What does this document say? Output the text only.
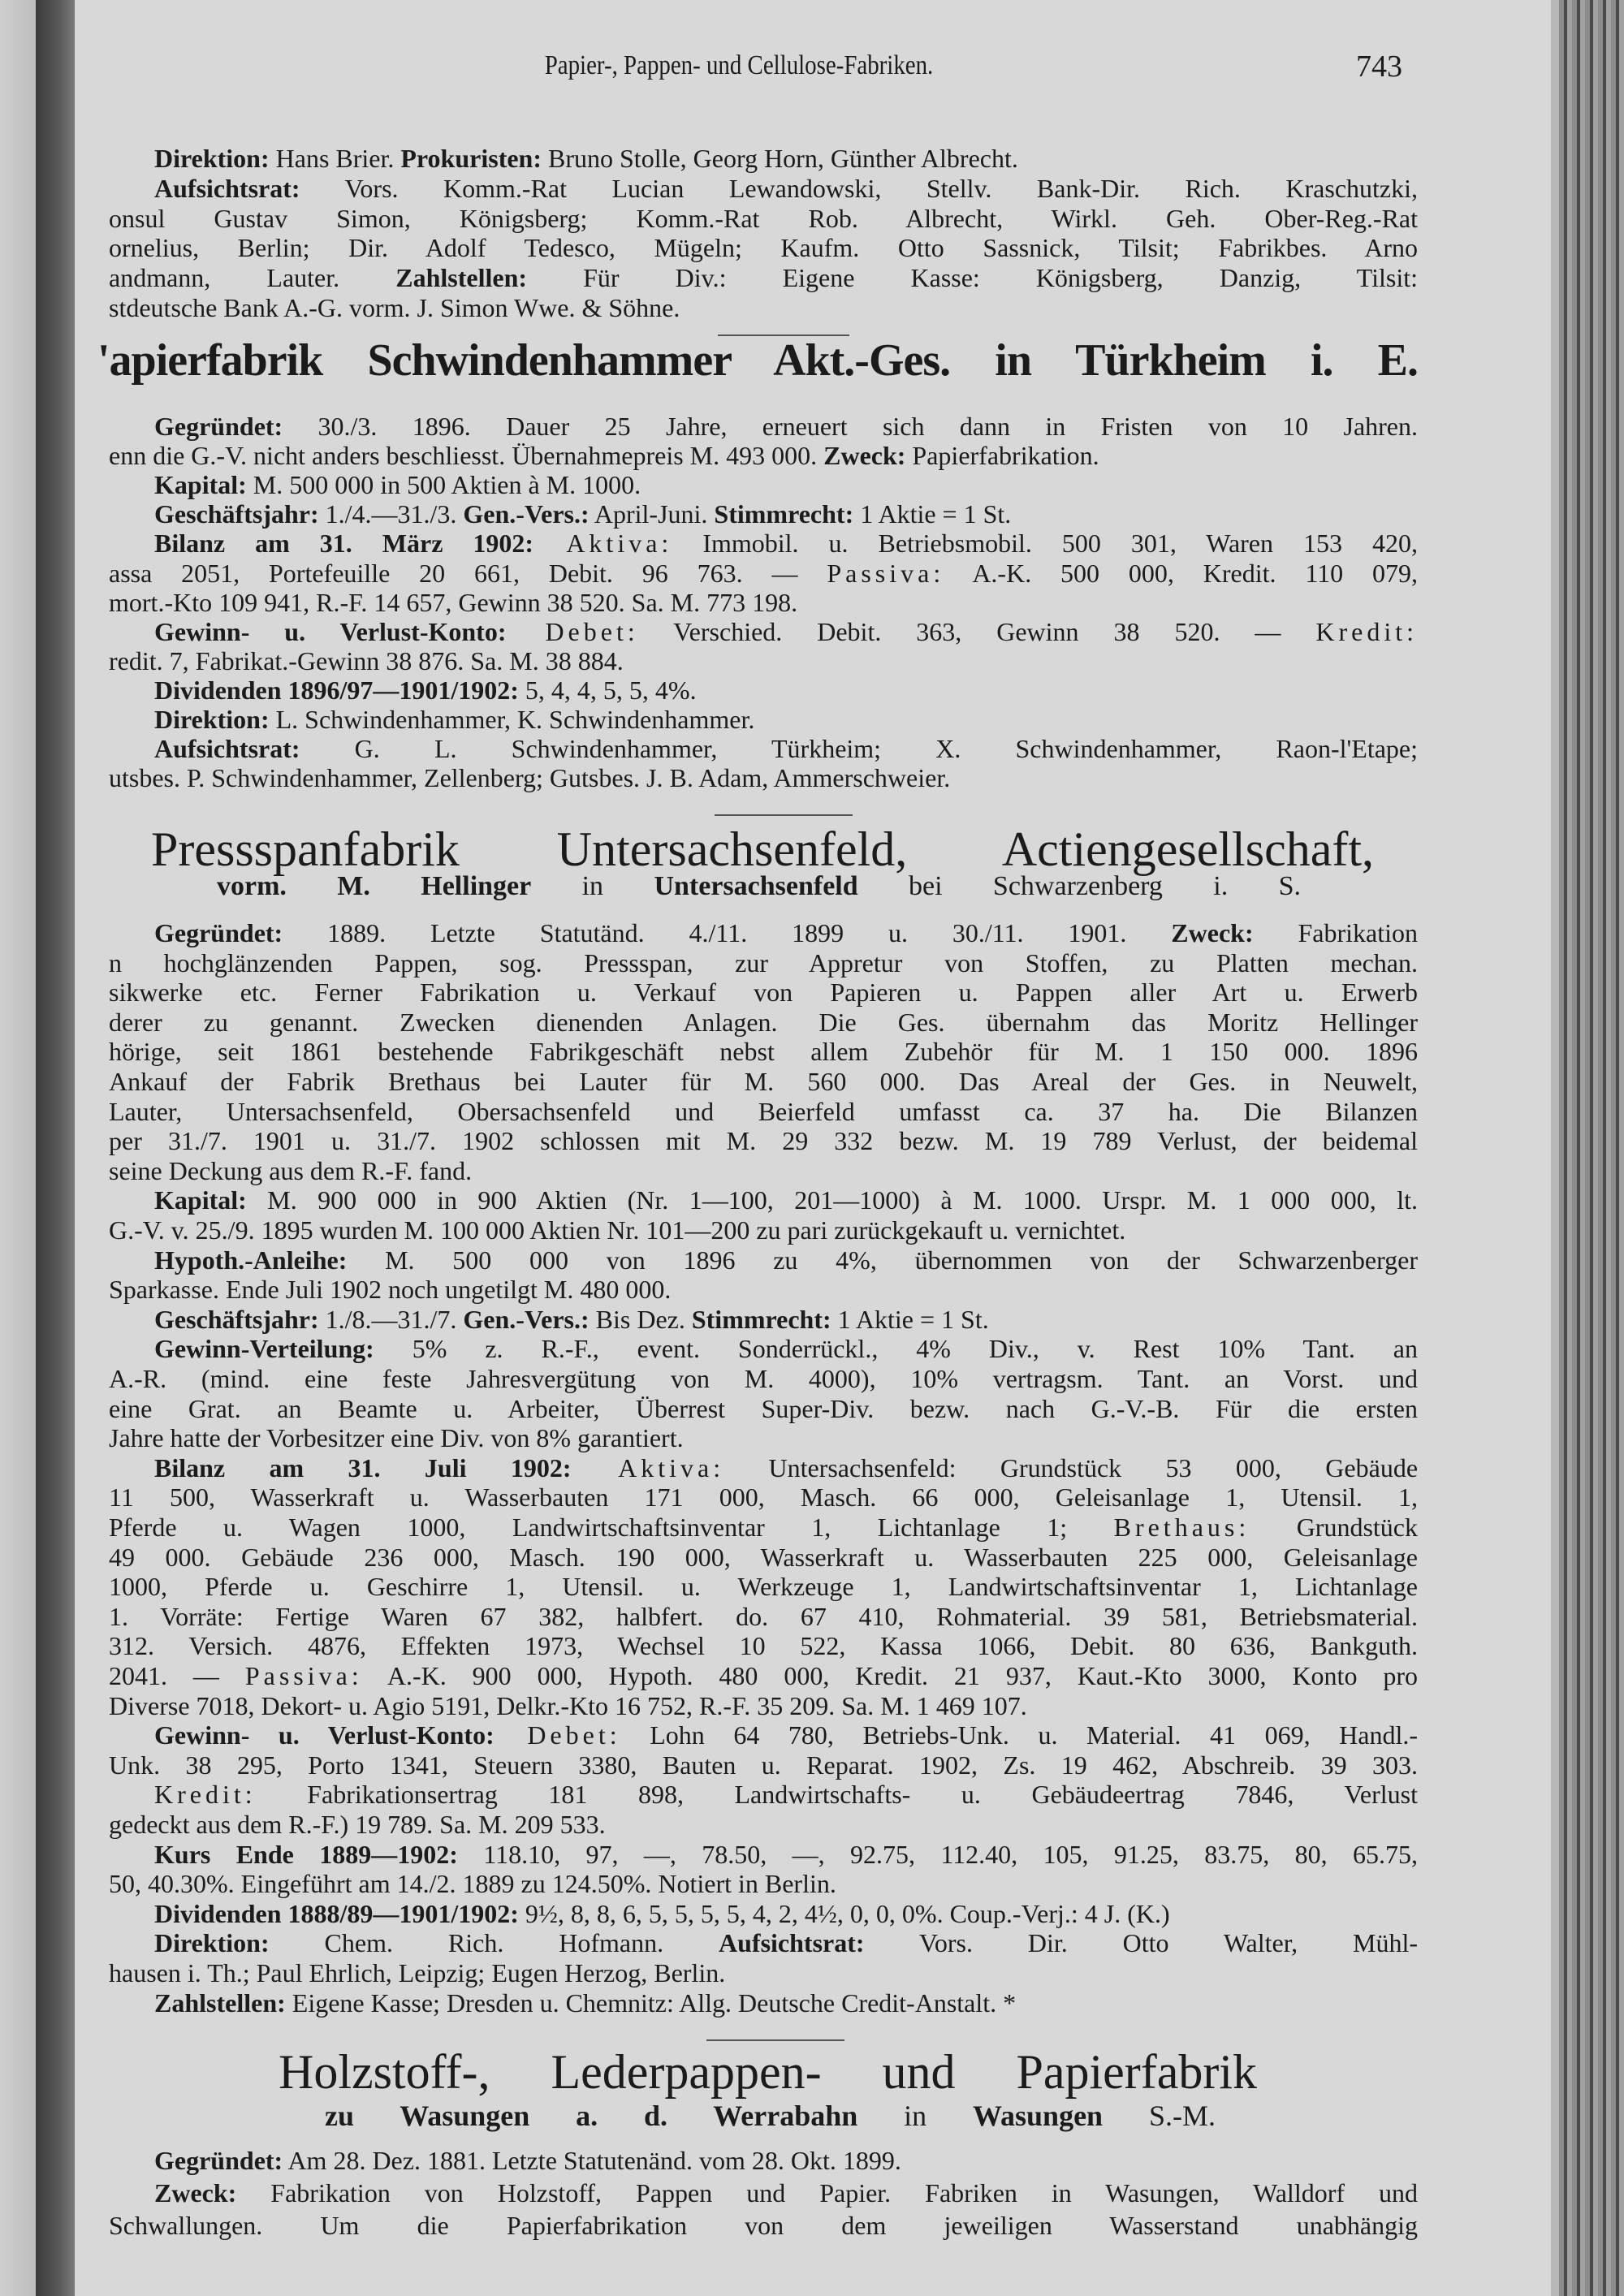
Papier-, Pappen- und Cellulose-Fabriken.	743
'apierfabrik Schwindenhammer Akt.-Ges. in Türkheim i. E.
Pressspanfabrik Untersachsenfeld, Actiengesellschaft,
vorm. M. Hellinger in Untersachsenfeld bei Schwarzenberg i. S.
Holzstoff-, Lederpappen- und Papierfabrik
zu Wasungen a. d. Werrabahn in Wasungen S.-M.
Direktion: Hans Brier. Prokuristen: Bruno Stolle, Georg Horn, Günther Albrecht.
Aufsichtsrat: Vors. Komm.-Rat Lucian Lewandowski, Stellv. Bank-Dir. Rich. Kraschutzki,
onsul Gustav Simon, Königsberg; Komm.-Rat Rob. Albrecht, Wirkl. Geh. Ober-Reg.-Rat
ornelius, Berlin; Dir. Adolf Tedesco, Mügeln; Kaufm. Otto Sassnick, Tilsit; Fabrikbes. Arno
andmann, Lauter. Zahlstellen: Für Div.: Eigene Kasse: Königsberg, Danzig, Tilsit:
stdeutsche Bank A.-G. vorm. J. Simon Wwe. & Söhne.
Gegründet: 30./3. 1896. Dauer 25 Jahre, erneuert sich dann in Fristen von 10 Jahren.
enn die G.-V. nicht anders beschliesst. Übernahmepreis M. 493 000. Zweck: Papierfabrikation.
Kapital: M. 500 000 in 500 Aktien à M. 1000.
Geschäftsjahr: 1./4.—31./3. Gen.-Vers.: April-Juni. Stimmrecht: 1 Aktie = 1 St.
Bilanz am 31. März 1902: Aktiva: Immobil. u. Betriebsmobil. 500 301, Waren 153 420,
assa 2051, Portefeuille 20 661, Debit. 96 763. — Passiva: A.-K. 500 000, Kredit. 110 079,
mort.-Kto 109 941, R.-F. 14 657, Gewinn 38 520. Sa. M. 773 198.
Gewinn- u. Verlust-Konto: Debet: Verschied. Debit. 363, Gewinn 38 520. — Kredit:
redit. 7, Fabrikat.-Gewinn 38 876. Sa. M. 38 884.
Dividenden 1896/97—1901/1902: 5, 4, 4, 5, 5, 4%.
Direktion: L. Schwindenhammer, K. Schwindenhammer.
Aufsichtsrat: G. L. Schwindenhammer, Türkheim; X. Schwindenhammer, Raon-l'Etape;
utsbes. P. Schwindenhammer, Zellenberg; Gutsbes. J. B. Adam, Ammerschweier.
Gegründet: 1889. Letzte Statutänd. 4./11. 1899 u. 30./11. 1901. Zweck: Fabrikation
n hochglänzenden Pappen, sog. Pressspan, zur Appretur von Stoffen, zu Platten mechan.
sikwerke etc. Ferner Fabrikation u. Verkauf von Papieren u. Pappen aller Art u. Erwerb
derer zu genannt. Zwecken dienenden Anlagen. Die Ges. übernahm das Moritz Hellinger
hörige, seit 1861 bestehende Fabrikgeschäft nebst allem Zubehör für M. 1 150 000. 1896
Ankauf der Fabrik Brethaus bei Lauter für M. 560 000. Das Areal der Ges. in Neuwelt,
Lauter, Untersachsenfeld, Obersachsenfeld und Beierfeld umfasst ca. 37 ha. Die Bilanzen
per 31./7. 1901 u. 31./7. 1902 schlossen mit M. 29 332 bezw. M. 19 789 Verlust, der beidemal
seine Deckung aus dem R.-F. fand.
Kapital: M. 900 000 in 900 Aktien (Nr. 1—100, 201—1000) à M. 1000. Urspr. M. 1 000 000, lt.
G.-V. v. 25./9. 1895 wurden M. 100 000 Aktien Nr. 101—200 zu pari zurückgekauft u. vernichtet.
Hypoth.-Anleihe: M. 500 000 von 1896 zu 4%, übernommen von der Schwarzenberger
Sparkasse. Ende Juli 1902 noch ungetilgt M. 480 000.
Geschäftsjahr: 1./8.—31./7. Gen.-Vers.: Bis Dez. Stimmrecht: 1 Aktie = 1 St.
Gewinn-Verteilung: 5% z. R.-F., event. Sonderrückl., 4% Div., v. Rest 10% Tant. an
A.-R. (mind. eine feste Jahresvergütung von M. 4000), 10% vertragsm. Tant. an Vorst. und
eine Grat. an Beamte u. Arbeiter, Überrest Super-Div. bezw. nach G.-V.-B. Für die ersten
Jahre hatte der Vorbesitzer eine Div. von 8% garantiert.
Bilanz am 31. Juli 1902: Aktiva: Untersachsenfeld: Grundstück 53 000, Gebäude
11 500, Wasserkraft u. Wasserbauten 171 000, Masch. 66 000, Geleisanlage 1, Utensil. 1,
Pferde u. Wagen 1000, Landwirtschaftsinventar 1, Lichtanlage 1; Brethaus: Grundstück
49 000. Gebäude 236 000, Masch. 190 000, Wasserkraft u. Wasserbauten 225 000, Geleisanlage
1000, Pferde u. Geschirre 1, Utensil. u. Werkzeuge 1, Landwirtschaftsinventar 1, Lichtanlage
1. Vorräte: Fertige Waren 67 382, halbfert. do. 67 410, Rohmaterial. 39 581, Betriebsmaterial.
312. Versich. 4876, Effekten 1973, Wechsel 10 522, Kassa 1066, Debit. 80 636, Bankguth.
2041. — Passiva: A.-K. 900 000, Hypoth. 480 000, Kredit. 21 937, Kaut.-Kto 3000, Konto pro
Diverse 7018, Dekort- u. Agio 5191, Delkr.-Kto 16 752, R.-F. 35 209. Sa. M. 1 469 107.
Gewinn- u. Verlust-Konto: Debet: Lohn 64 780, Betriebs-Unk. u. Material. 41 069, Handl.-
Unk. 38 295, Porto 1341, Steuern 3380, Bauten u. Reparat. 1902, Zs. 19 462, Abschreib. 39 303.
Kredit: Fabrikationsertrag 181 898, Landwirtschafts- u. Gebäudeertrag 7846, Verlust
gedeckt aus dem R.-F.) 19 789. Sa. M. 209 533.
Kurs Ende 1889—1902: 118.10, 97, —, 78.50, —, 92.75, 112.40, 105, 91.25, 83.75, 80, 65.75,
50, 40.30%. Eingeführt am 14./2. 1889 zu 124.50%. Notiert in Berlin.
Dividenden 1888/89—1901/1902: 9½, 8, 8, 6, 5, 5, 5, 5, 4, 2, 4½, 0, 0, 0%. Coup.-Verj.: 4 J. (K.)
Direktion: Chem. Rich. Hofmann. Aufsichtsrat: Vors. Dir. Otto Walter, Mühl-
hausen i. Th.; Paul Ehrlich, Leipzig; Eugen Herzog, Berlin.
Zahlstellen: Eigene Kasse; Dresden u. Chemnitz: Allg. Deutsche Credit-Anstalt. *
Gegründet: Am 28. Dez. 1881. Letzte Statutenänd. vom 28. Okt. 1899.
Zweck: Fabrikation von Holzstoff, Pappen und Papier. Fabriken in Wasungen, Walldorf und
Schwallungen. Um die Papierfabrikation von dem jeweiligen Wasserstand unabhängig
